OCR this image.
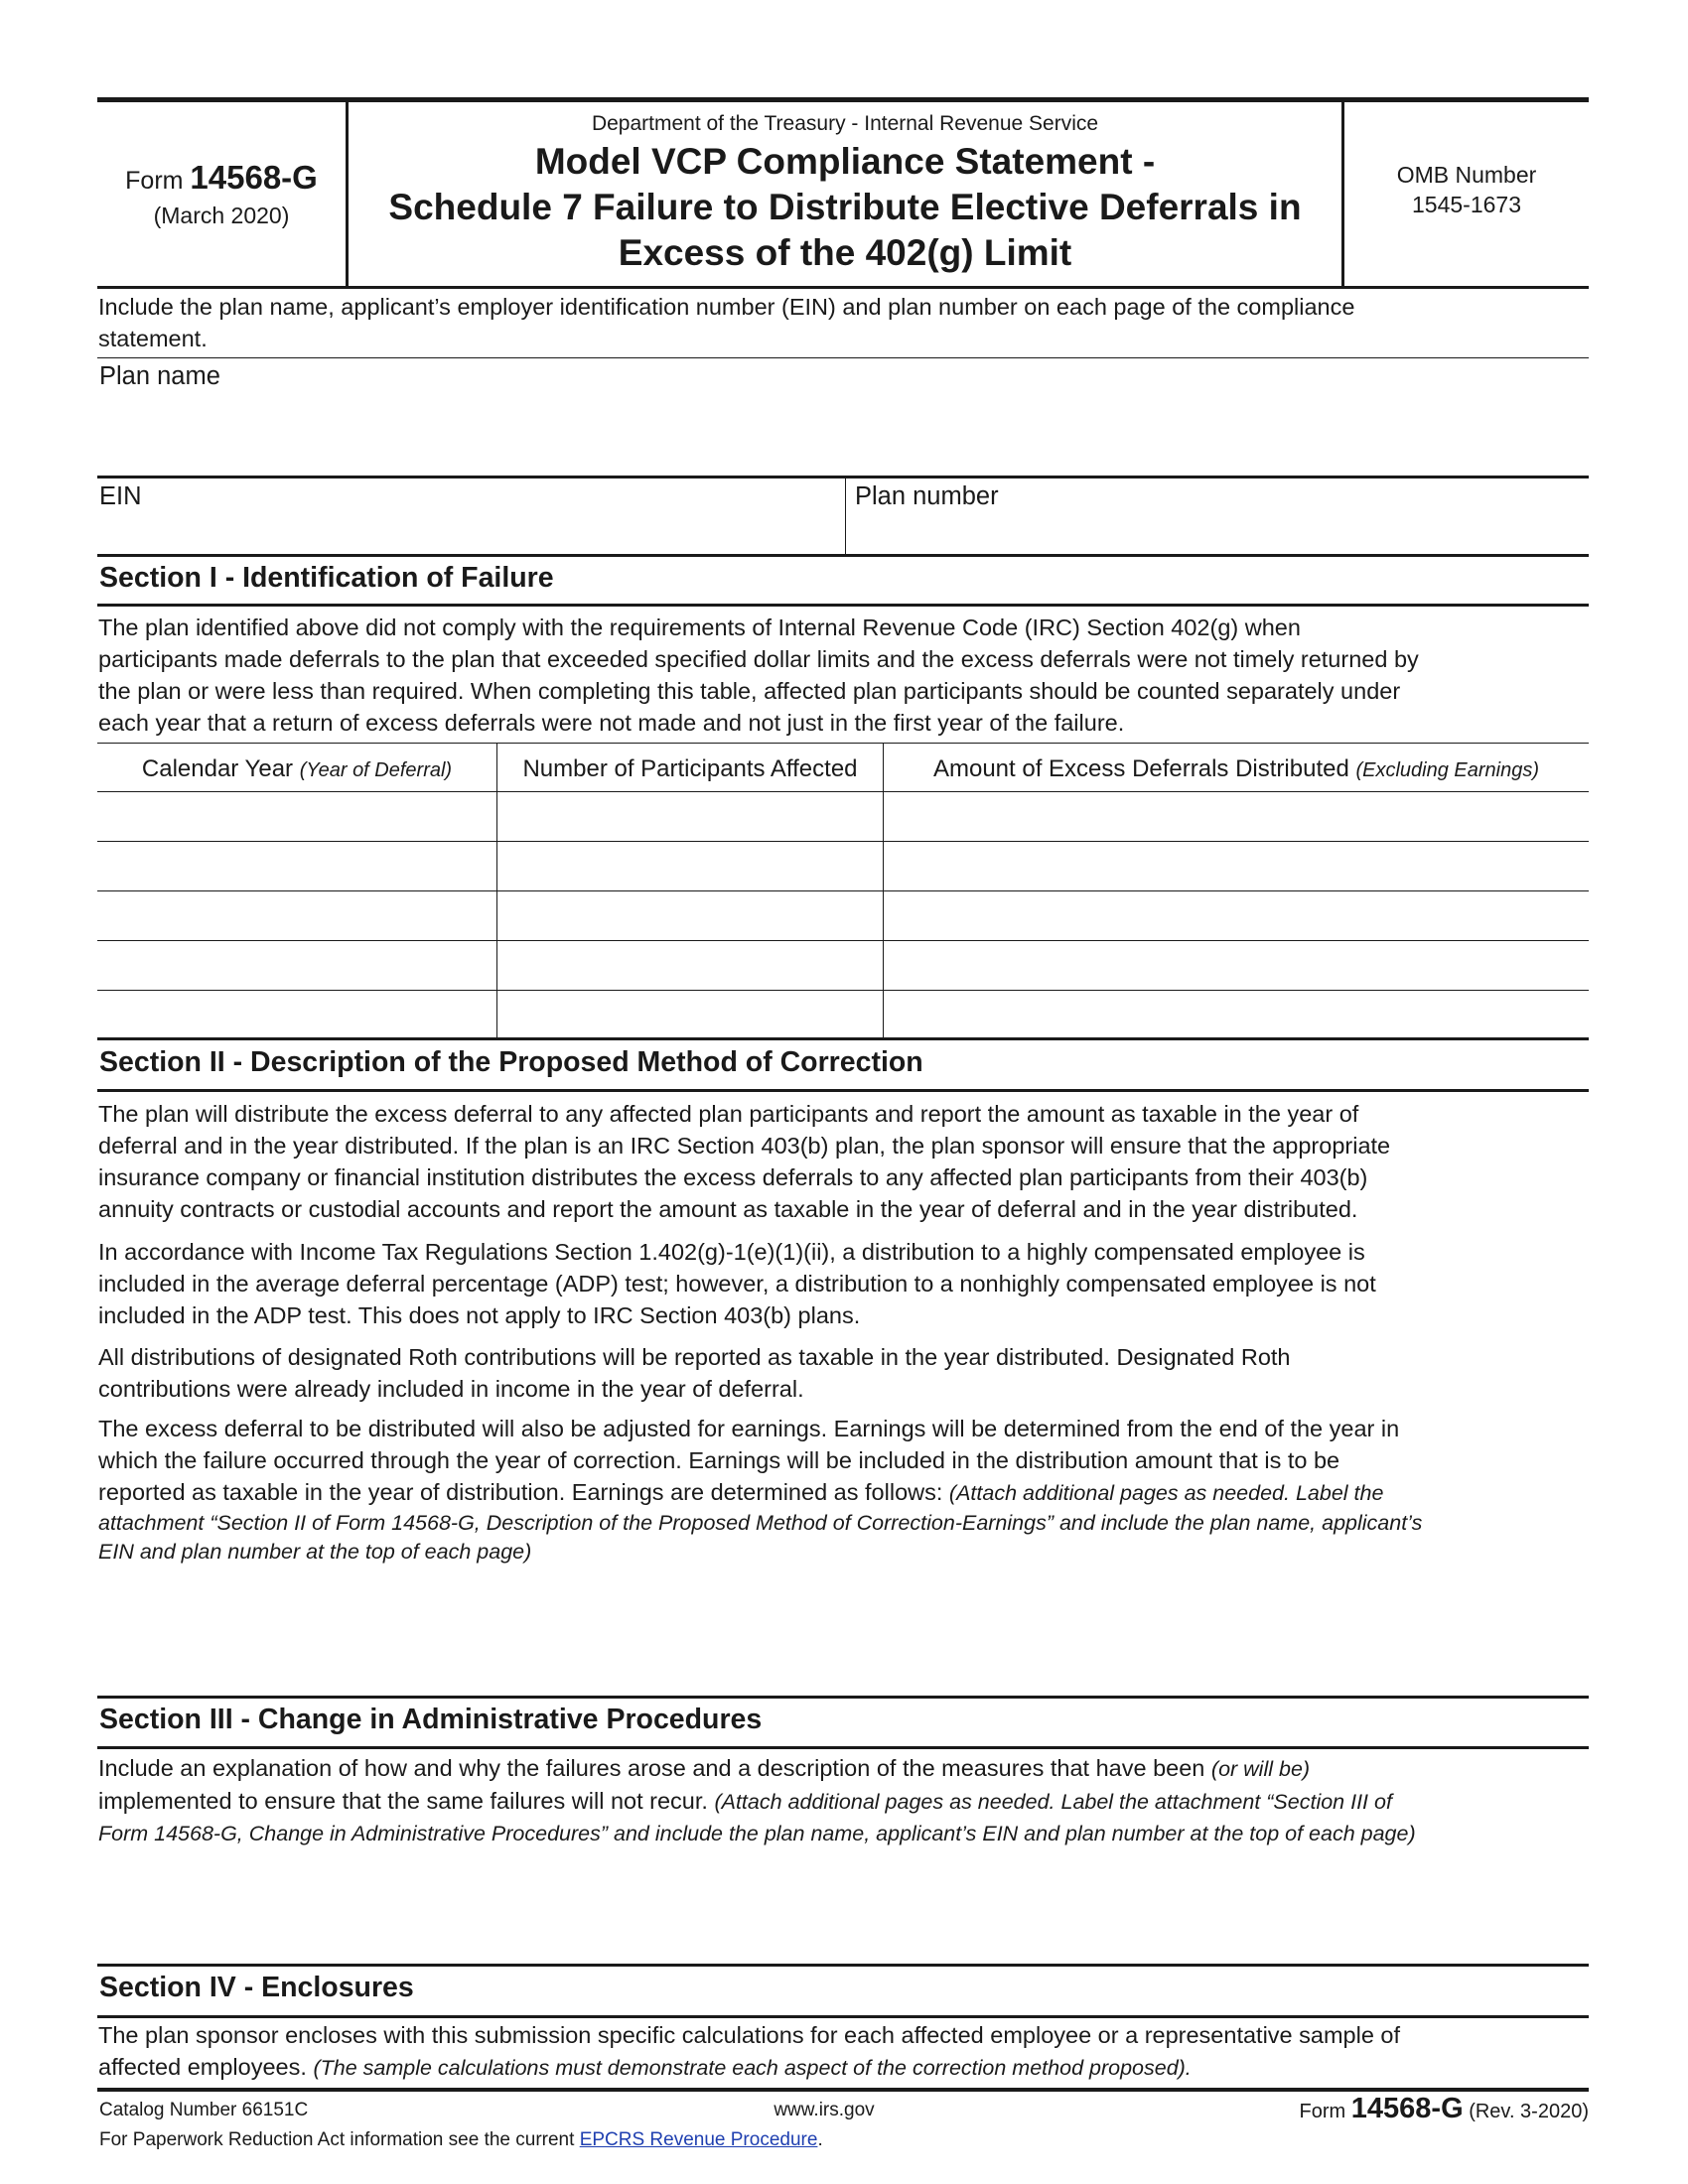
Form 14568-G
(March 2020)
Department of the Treasury - Internal Revenue Service
Model VCP Compliance Statement -
Schedule 7 Failure to Distribute Elective Deferrals in
Excess of the 402(g) Limit
OMB Number
1545-1673
Include the plan name, applicant’s employer identification number (EIN) and plan number on each page of the compliance
statement.
Plan name
EIN	Plan number
Section I - Identification of Failure
The plan identified above did not comply with the requirements of Internal Revenue Code (IRC) Section 402(g) when
participants made deferrals to the plan that exceeded specified dollar limits and the excess deferrals were not timely returned by
the plan or were less than required. When completing this table, affected plan participants should be counted separately under
each year that a return of excess deferrals were not made and not just in the first year of the failure.
Calendar Year (Year of Deferral)	Number of Participants Affected	Amount of Excess Deferrals Distributed (Excluding Earnings)
Section II - Description of the Proposed Method of Correction
The plan will distribute the excess deferral to any affected plan participants and report the amount as taxable in the year of
deferral and in the year distributed. If the plan is an IRC Section 403(b) plan, the plan sponsor will ensure that the appropriate
insurance company or financial institution distributes the excess deferrals to any affected plan participants from their 403(b)
annuity contracts or custodial accounts and report the amount as taxable in the year of deferral and in the year distributed.
In accordance with Income Tax Regulations Section 1.402(g)-1(e)(1)(ii), a distribution to a highly compensated employee is
included in the average deferral percentage (ADP) test; however, a distribution to a nonhighly compensated employee is not
included in the ADP test. This does not apply to IRC Section 403(b) plans.
All distributions of designated Roth contributions will be reported as taxable in the year distributed. Designated Roth
contributions were already included in income in the year of deferral.
The excess deferral to be distributed will also be adjusted for earnings. Earnings will be determined from the end of the year in
which the failure occurred through the year of correction. Earnings will be included in the distribution amount that is to be
reported as taxable in the year of distribution. Earnings are determined as follows: (Attach additional pages as needed. Label the
attachment “Section II of Form 14568-G, Description of the Proposed Method of Correction-Earnings” and include the plan name, applicant’s
EIN and plan number at the top of each page)
Section III - Change in Administrative Procedures
Include an explanation of how and why the failures arose and a description of the measures that have been (or will be)
implemented to ensure that the same failures will not recur. (Attach additional pages as needed. Label the attachment “Section III of
Form 14568-G, Change in Administrative Procedures” and include the plan name, applicant’s EIN and plan number at the top of each page)
Section IV - Enclosures
The plan sponsor encloses with this submission specific calculations for each affected employee or a representative sample of
affected employees. (The sample calculations must demonstrate each aspect of the correction method proposed).
Catalog Number 66151C	www.irs.gov	Form 14568-G (Rev. 3-2020)
For Paperwork Reduction Act information see the current EPCRS Revenue Procedure.
